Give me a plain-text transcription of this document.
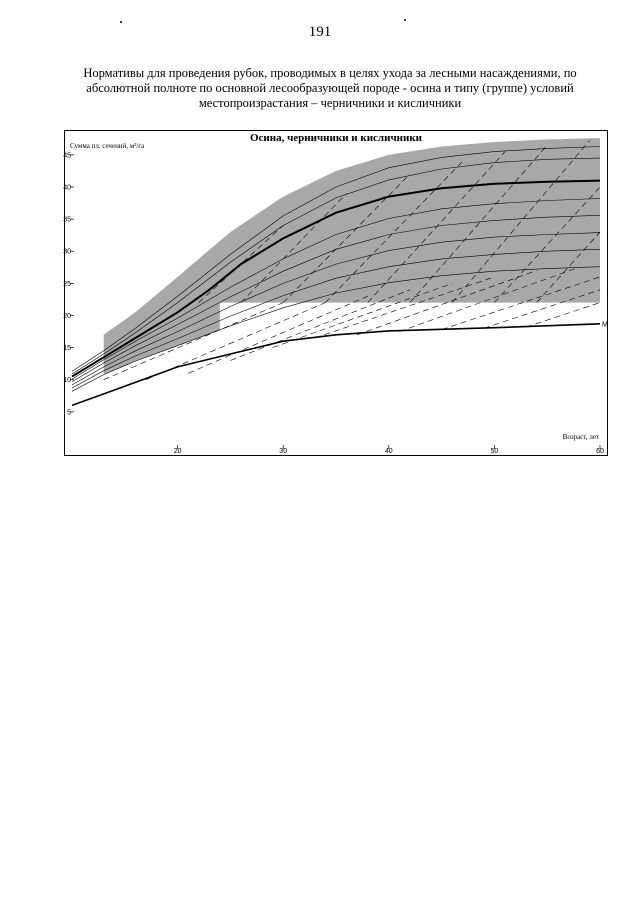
191
Нормативы для проведения рубок, проводимых в целях ухода за лесными насаждениями, по
абсолютной полноте по основной лесообразующей породе - осина и типу (группе) условий
местопроизрастания – черничники и кисличники
M
5
10
15
20
25
30
35
40
45
20	30	40	50	60
Осина, черничники и кисличники
Сумма пл. сечений, м²/га
Возраст, лет
